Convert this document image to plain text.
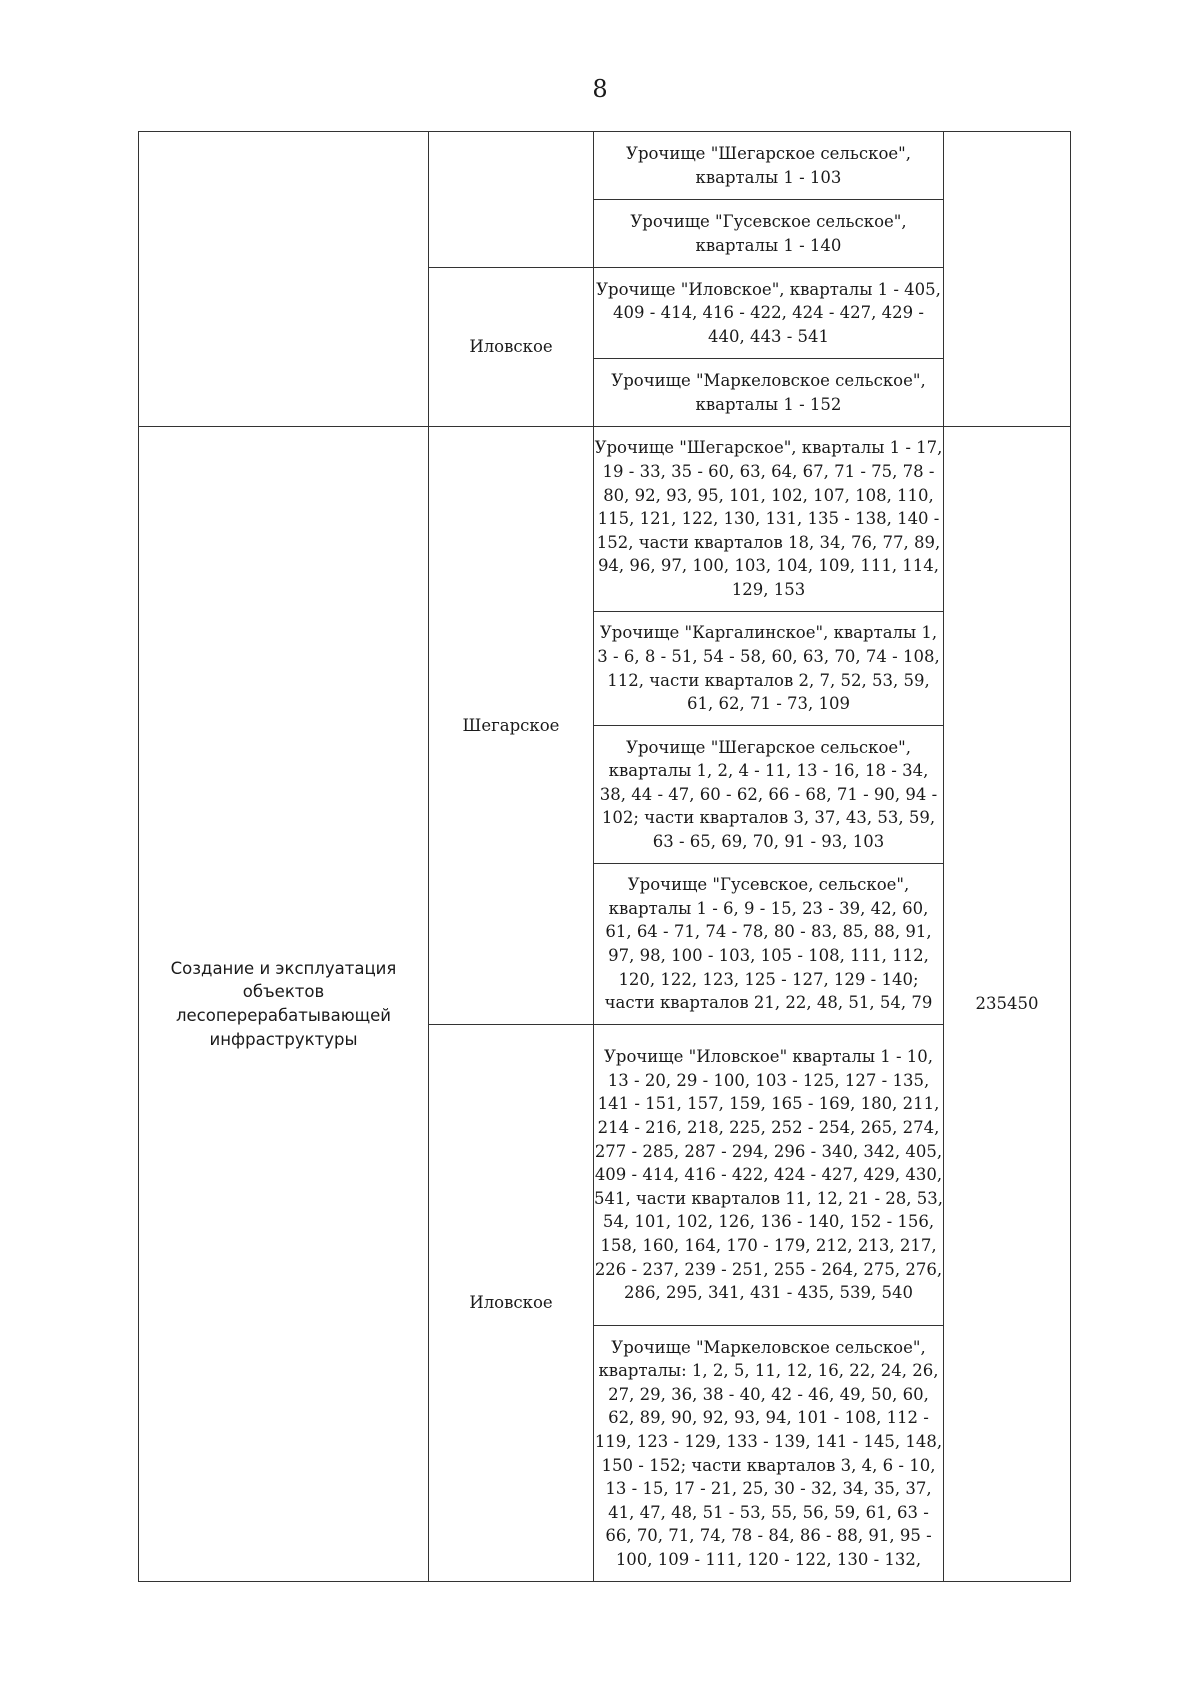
8
		Урочище "Шегарское сельское", кварталы 1 - 103	
		Урочище "Гусевское сельское", кварталы 1 - 140	
	Иловское	Урочище "Иловское", кварталы 1 - 405, 409 - 414, 416 - 422, 424 - 427, 429 - 440, 443 - 541	
		Урочище "Маркеловское сельское", кварталы 1 - 152	
Создание и эксплуатация объектов лесоперерабатывающей инфраструктуры	Шегарское	Урочище "Шегарское", кварталы 1 - 17, 19 - 33, 35 - 60, 63, 64, 67, 71 - 75, 78 - 80, 92, 93, 95, 101, 102, 107, 108, 110, 115, 121, 122, 130, 131, 135 - 138, 140 - 152, части кварталов 18, 34, 76, 77, 89, 94, 96, 97, 100, 103, 104, 109, 111, 114, 129, 153	235450
		Урочище "Каргалинское", кварталы 1, 3 - 6, 8 - 51, 54 - 58, 60, 63, 70, 74 - 108, 112, части кварталов 2, 7, 52, 53, 59, 61, 62, 71 - 73, 109	
		Урочище "Шегарское сельское", кварталы 1, 2, 4 - 11, 13 - 16, 18 - 34, 38, 44 - 47, 60 - 62, 66 - 68, 71 - 90, 94 - 102; части кварталов 3, 37, 43, 53, 59, 63 - 65, 69, 70, 91 - 93, 103	
		Урочище "Гусевское, сельское", кварталы 1 - 6, 9 - 15, 23 - 39, 42, 60, 61, 64 - 71, 74 - 78, 80 - 83, 85, 88, 91, 97, 98, 100 - 103, 105 - 108, 111, 112, 120, 122, 123, 125 - 127, 129 - 140; части кварталов 21, 22, 48, 51, 54, 79	
	Иловское	Урочище "Иловское" кварталы 1 - 10, 13 - 20, 29 - 100, 103 - 125, 127 - 135, 141 - 151, 157, 159, 165 - 169, 180, 211, 214 - 216, 218, 225, 252 - 254, 265, 274, 277 - 285, 287 - 294, 296 - 340, 342, 405, 409 - 414, 416 - 422, 424 - 427, 429, 430, 541, части кварталов 11, 12, 21 - 28, 53, 54, 101, 102, 126, 136 - 140, 152 - 156, 158, 160, 164, 170 - 179, 212, 213, 217, 226 - 237, 239 - 251, 255 - 264, 275, 276, 286, 295, 341, 431 - 435, 539, 540	
		Урочище "Маркеловское сельское", кварталы: 1, 2, 5, 11, 12, 16, 22, 24, 26, 27, 29, 36, 38 - 40, 42 - 46, 49, 50, 60, 62, 89, 90, 92, 93, 94, 101 - 108, 112 - 119, 123 - 129, 133 - 139, 141 - 145, 148, 150 - 152; части кварталов 3, 4, 6 - 10, 13 - 15, 17 - 21, 25, 30 - 32, 34, 35, 37, 41, 47, 48, 51 - 53, 55, 56, 59, 61, 63 - 66, 70, 71, 74, 78 - 84, 86 - 88, 91, 95 - 100, 109 - 111, 120 - 122, 130 - 132,	
